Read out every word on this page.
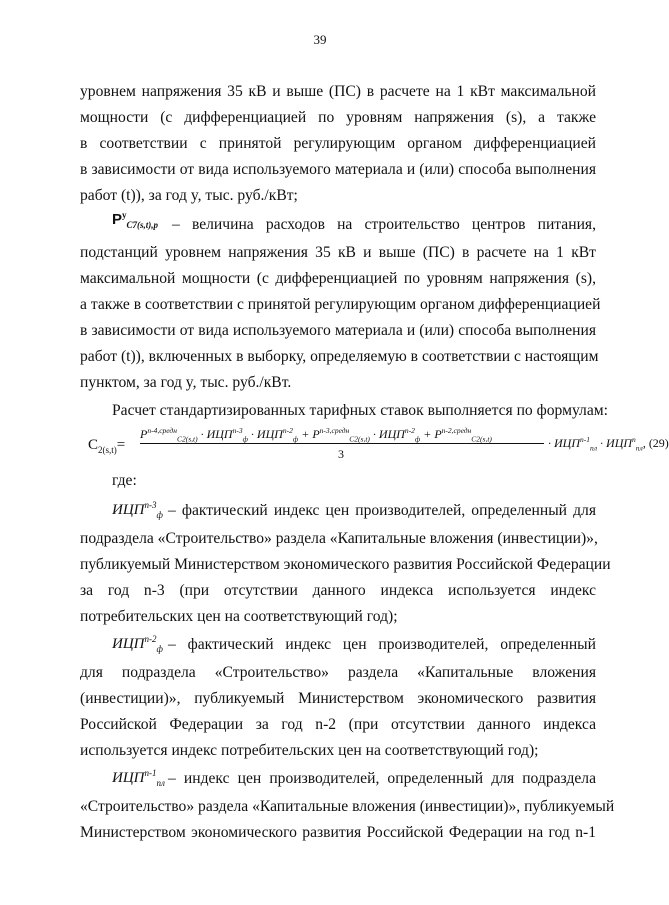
39
уровнем напряжения 35 кВ и выше (ПС) в расчете на 1 кВт максимальной
мощности (с дифференциацией по уровням напряжения (s), а также
в соответствии с принятой регулирующим органом дифференциацией
в зависимости от вида используемого материала и (или) способа выполнения
работ (t)), за год y, тыс. руб./кВт;
$P^y_{C7(s,t),p}$ – величина расходов на строительство центров питания,
подстанций уровнем напряжения 35 кВ и выше (ПС) в расчете на 1 кВт
максимальной мощности (с дифференциацией по уровням напряжения (s),
а также в соответствии с принятой регулирующим органом дифференциацией
в зависимости от вида используемого материала и (или) способа выполнения
работ (t)), включенных в выборку, определяемую в соответствии с настоящим
пунктом, за год y, тыс. руб./кВт.
Расчет стандартизированных тарифных ставок выполняется по формулам:
$C_{2(s,t)}=$
$P^{n-4,средн}_{C2(s,t)} \cdot ИЦП^{n-3}_ф \cdot ИЦП^{n-2}_ф + P^{n-3,средн}_{C2(s,t)} \cdot ИЦП^{n-2}_ф + P^{n-2,средн}_{C2(s,t)}$
3
· $ИЦП^{n-1}_{пл} \cdot ИЦП^n_{пл}$, (29)
где:
$ИЦП^{n-3}_ф$ – фактический индекс цен производителей, определенный для
подраздела «Строительство» раздела «Капитальные вложения (инвестиции)»,
публикуемый Министерством экономического развития Российской Федерации
за год n-3 (при отсутствии данного индекса используется индекс
потребительских цен на соответствующий год);
$ИЦП^{n-2}_ф$ – фактический индекс цен производителей, определенный
для подраздела «Строительство» раздела «Капитальные вложения
(инвестиции)», публикуемый Министерством экономического развития
Российской Федерации за год n-2 (при отсутствии данного индекса
используется индекс потребительских цен на соответствующий год);
$ИЦП^{n-1}_{пл}$ – индекс цен производителей, определенный для подраздела
«Строительство» раздела «Капитальные вложения (инвестиции)», публикуемый
Министерством экономического развития Российской Федерации на год n-1
